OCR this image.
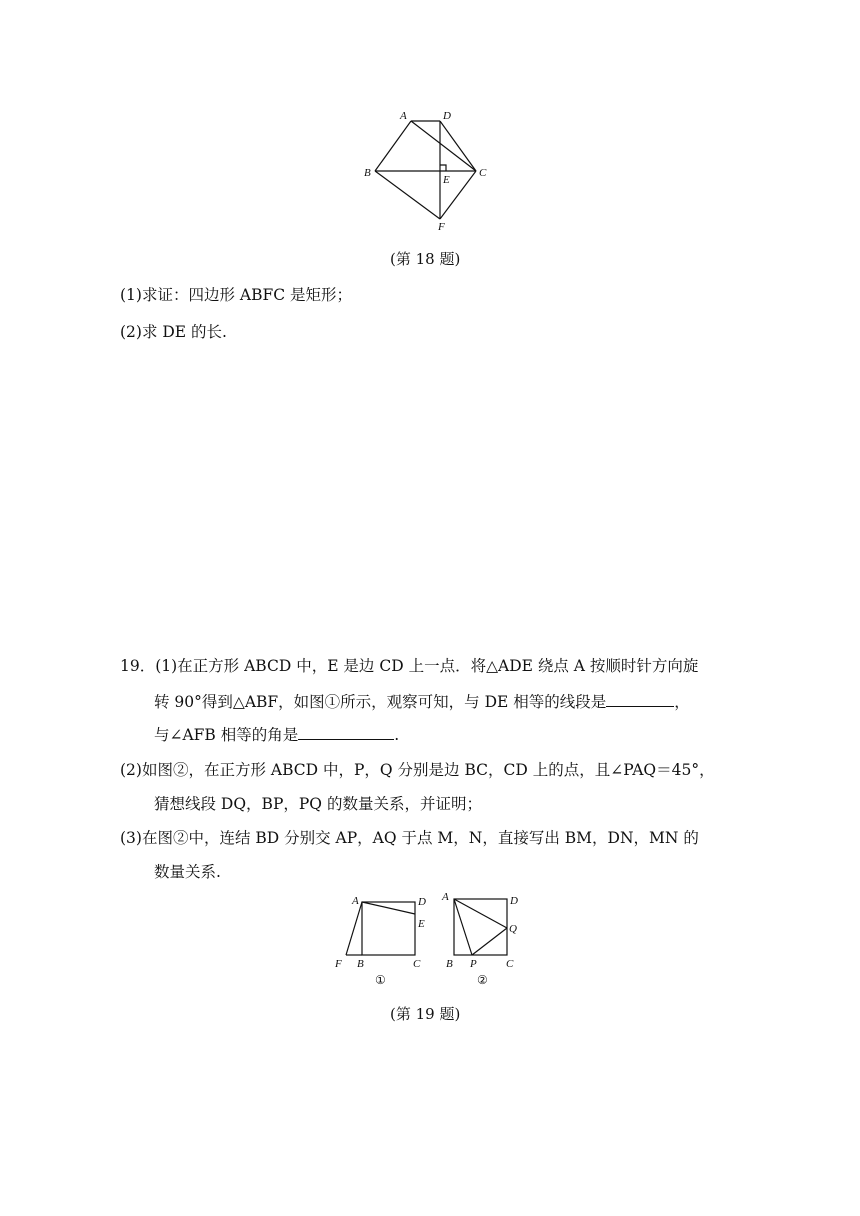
A	D
B
E
C
F
(第 18 题)
(1)求证：四边形 ABFC 是矩形；
(2)求 DE 的长.
19．(1)在正方形 ABCD 中，E 是边 CD 上一点．将△ADE 绕点 A 按顺时针方向旋
转 90°得到△ABF，如图①所示，观察可知，与 DE 相等的线段是	，
与∠AFB 相等的角是	.
(2)如图②，在正方形 ABCD 中，P，Q 分别是边 BC，CD 上的点，且∠PAQ＝45°，
猜想线段 DQ，BP，PQ 的数量关系，并证明；
(3)在图②中，连结 BD 分别交 AP，AQ 于点 M，N，直接写出 BM，DN，MN 的
数量关系.
A	D
E
F B	C
①
A	D
Q
B P	C
②
(第 19 题)
